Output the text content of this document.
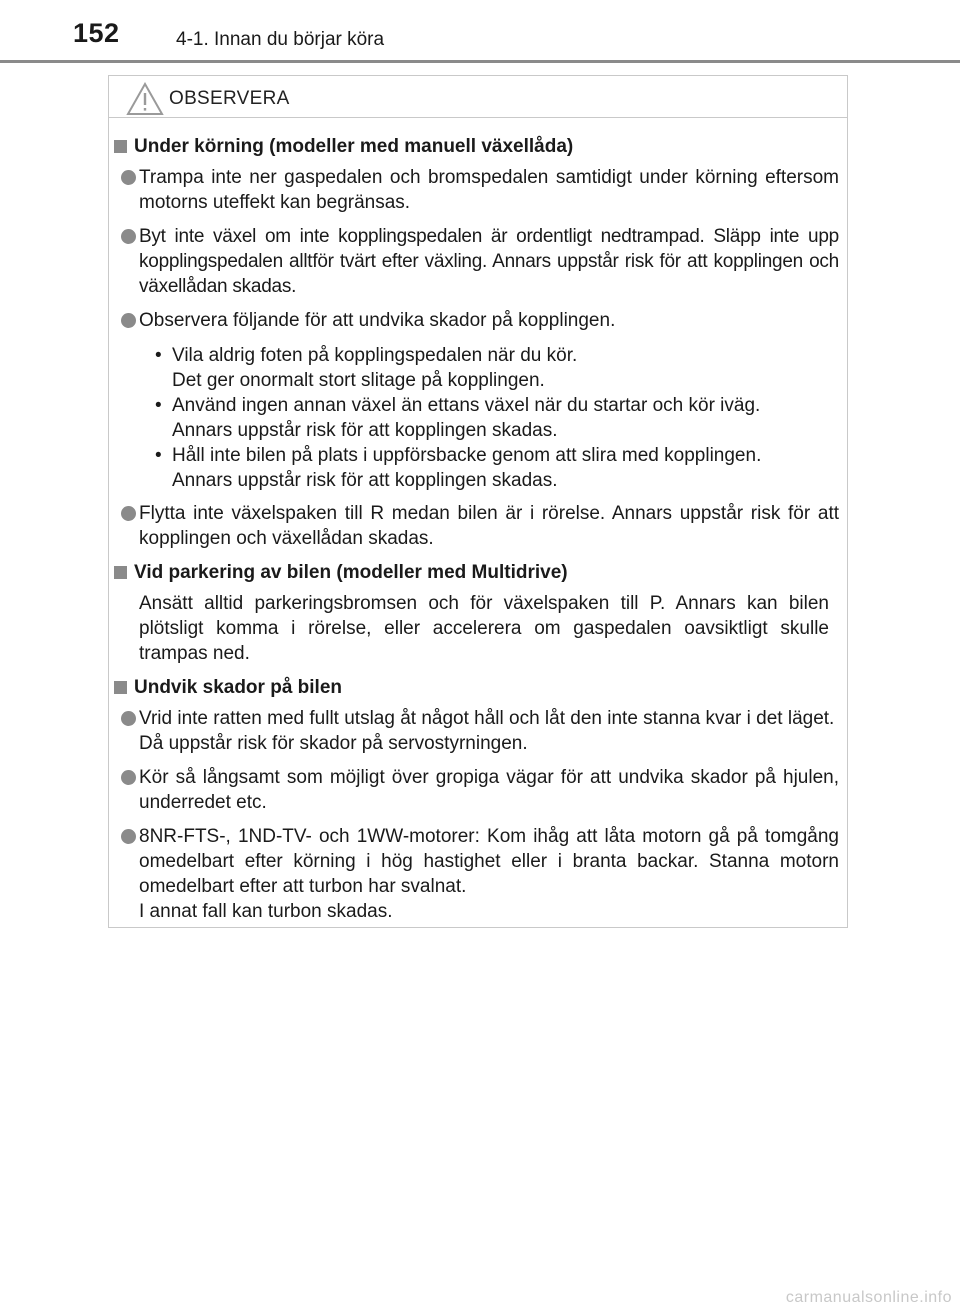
152	4-1. Innan du börjar köra
OBSERVERA
Under körning (modeller med manuell växellåda)
Trampa inte ner gaspedalen och bromspedalen samtidigt under körning eftersom motorns uteffekt kan begränsas.
Byt inte växel om inte kopplingspedalen är ordentligt nedtrampad. Släpp inte upp kopplingspedalen alltför tvärt efter växling. Annars uppstår risk för att kopplingen och växellådan skadas.
Observera följande för att undvika skador på kopplingen.
• Vila aldrig foten på kopplingspedalen när du kör.
Det ger onormalt stort slitage på kopplingen.
• Använd ingen annan växel än ettans växel när du startar och kör iväg.
Annars uppstår risk för att kopplingen skadas.
• Håll inte bilen på plats i uppförsbacke genom att slira med kopplingen.
Annars uppstår risk för att kopplingen skadas.
Flytta inte växelspaken till R medan bilen är i rörelse. Annars uppstår risk för att kopplingen och växellådan skadas.
Vid parkering av bilen (modeller med Multidrive)
Ansätt alltid parkeringsbromsen och för växelspaken till P. Annars kan bilen plötsligt komma i rörelse, eller accelerera om gaspedalen oavsiktligt skulle trampas ned.
Undvik skador på bilen
Vrid inte ratten med fullt utslag åt något håll och låt den inte stanna kvar i det läget.
Då uppstår risk för skador på servostyrningen.
Kör så långsamt som möjligt över gropiga vägar för att undvika skador på hjulen, underredet etc.
8NR-FTS-, 1ND-TV- och 1WW-motorer: Kom ihåg att låta motorn gå på tomgång omedelbart efter körning i hög hastighet eller i branta backar. Stanna motorn omedelbart efter att turbon har svalnat.
I annat fall kan turbon skadas.
carmanualsonline.info
